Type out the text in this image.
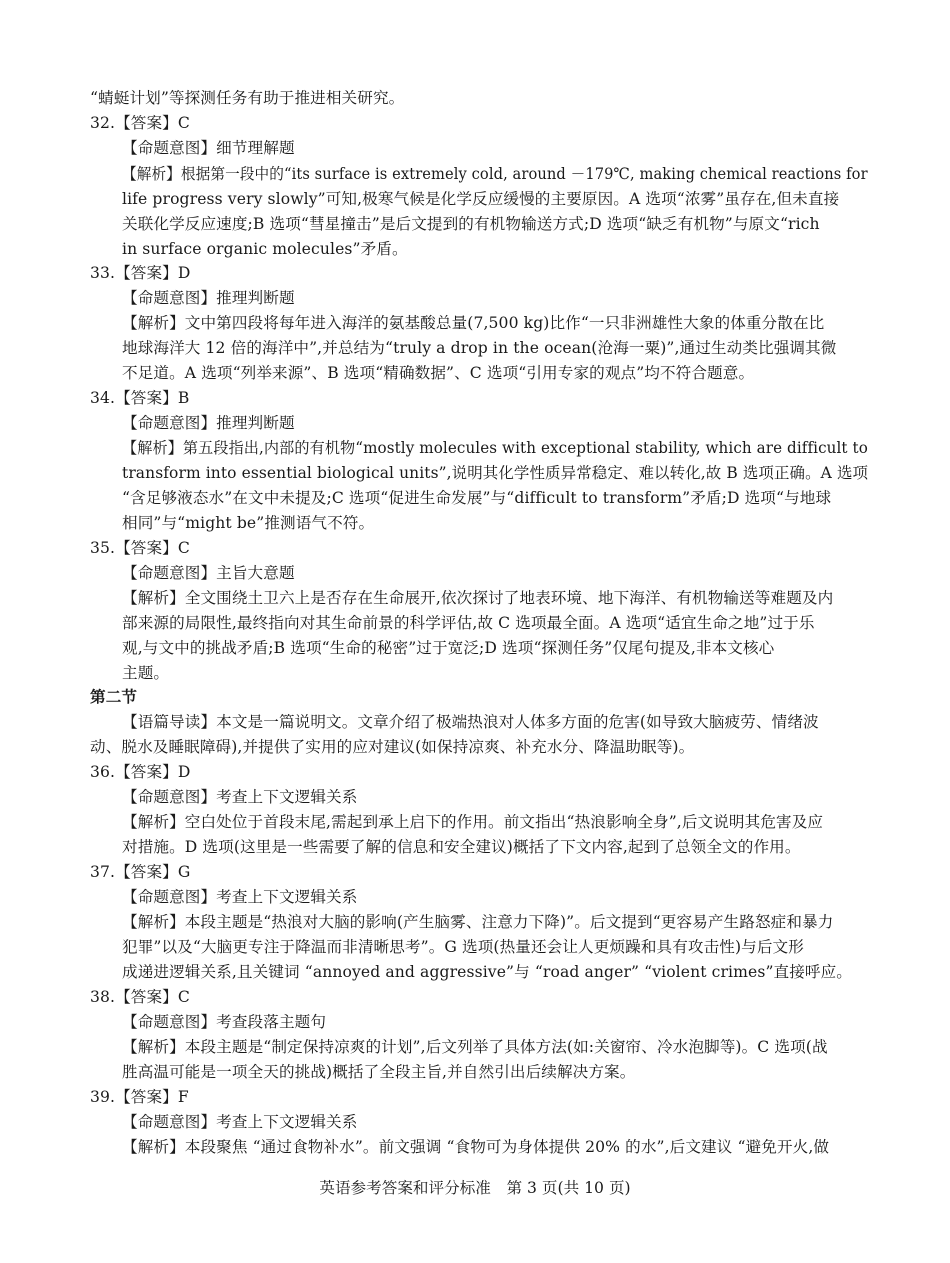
“蜻蜓计划”等探测任务有助于推进相关研究。
32.【答案】C
【命题意图】细节理解题
【解析】根据第一段中的“its surface is extremely cold, around －179℃, making chemical reactions for
life progress very slowly”可知,极寒气候是化学反应缓慢的主要原因。A 选项“浓雾”虽存在,但未直接
关联化学反应速度;B 选项“彗星撞击”是后文提到的有机物输送方式;D 选项“缺乏有机物”与原文“rich
in surface organic molecules”矛盾。
33.【答案】D
【命题意图】推理判断题
【解析】文中第四段将每年进入海洋的氨基酸总量(7,500 kg)比作“一只非洲雄性大象的体重分散在比
地球海洋大 12 倍的海洋中”,并总结为“truly a drop in the ocean(沧海一粟)”,通过生动类比强调其微
不足道。A 选项“列举来源”、B 选项“精确数据”、C 选项“引用专家的观点”均不符合题意。
34.【答案】B
【命题意图】推理判断题
【解析】第五段指出,内部的有机物“mostly molecules with exceptional stability, which are difficult to
transform into essential biological units”,说明其化学性质异常稳定、难以转化,故 B 选项正确。A 选项
“含足够液态水”在文中未提及;C 选项“促进生命发展”与“difficult to transform”矛盾;D 选项“与地球
相同”与“might be”推测语气不符。
35.【答案】C
【命题意图】主旨大意题
【解析】全文围绕土卫六上是否存在生命展开,依次探讨了地表环境、地下海洋、有机物输送等难题及内
部来源的局限性,最终指向对其生命前景的科学评估,故 C 选项最全面。A 选项“适宜生命之地”过于乐
观,与文中的挑战矛盾;B 选项“生命的秘密”过于宽泛;D 选项“探测任务”仅尾句提及,非本文核心
主题。
第二节
【语篇导读】本文是一篇说明文。文章介绍了极端热浪对人体多方面的危害(如导致大脑疲劳、情绪波
动、脱水及睡眠障碍),并提供了实用的应对建议(如保持凉爽、补充水分、降温助眠等)。
36.【答案】D
【命题意图】考查上下文逻辑关系
【解析】空白处位于首段末尾,需起到承上启下的作用。前文指出“热浪影响全身”,后文说明其危害及应
对措施。D 选项(这里是一些需要了解的信息和安全建议)概括了下文内容,起到了总领全文的作用。
37.【答案】G
【命题意图】考查上下文逻辑关系
【解析】本段主题是“热浪对大脑的影响(产生脑雾、注意力下降)”。后文提到“更容易产生路怒症和暴力
犯罪”以及“大脑更专注于降温而非清晰思考”。G 选项(热量还会让人更烦躁和具有攻击性)与后文形
成递进逻辑关系,且关键词 “annoyed and aggressive”与 “road anger” “violent crimes”直接呼应。
38.【答案】C
【命题意图】考查段落主题句
【解析】本段主题是“制定保持凉爽的计划”,后文列举了具体方法(如:关窗帘、冷水泡脚等)。C 选项(战
胜高温可能是一项全天的挑战)概括了全段主旨,并自然引出后续解决方案。
39.【答案】F
【命题意图】考查上下文逻辑关系
【解析】本段聚焦 “通过食物补水”。前文强调 “食物可为身体提供 20% 的水”,后文建议 “避免开火,做
英语参考答案和评分标准　第 3 页(共 10 页)
